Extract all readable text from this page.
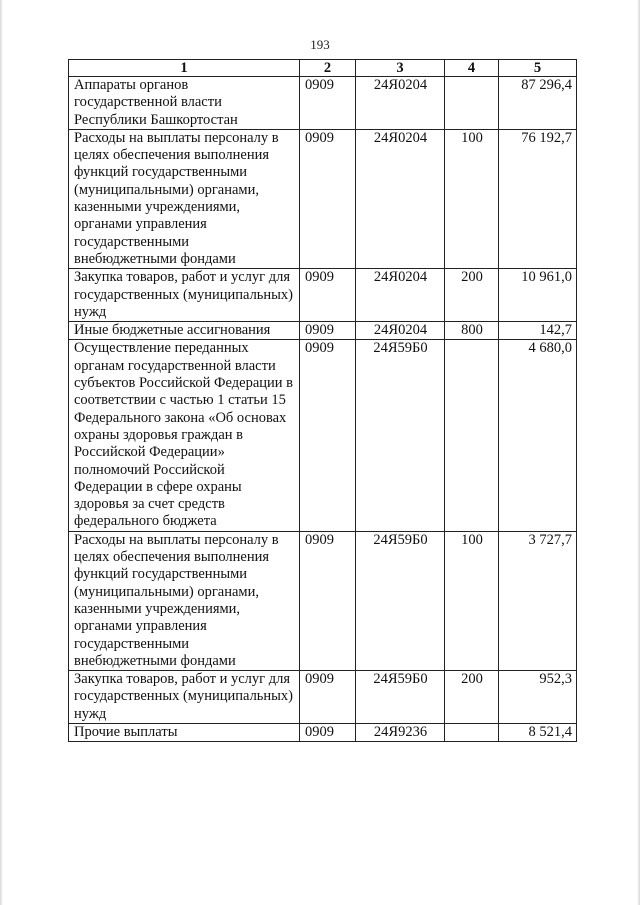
193
1	2	3	4	5
Аппараты органов государственной власти Республики Башкортостан	0909	24Я0204		87 296,4
Расходы на выплаты персоналу в целях обеспечения выполнения функций государственными (муниципальными) органами, казенными учреждениями, органами управления государственными внебюджетными фондами	0909	24Я0204	100	76 192,7
Закупка товаров, работ и услуг для государственных (муниципальных) нужд	0909	24Я0204	200	10 961,0
Иные бюджетные ассигнования	0909	24Я0204	800	142,7
Осуществление переданных органам государственной власти субъектов Российской Федерации в соответствии с частью 1 статьи 15 Федерального закона «Об основах охраны здоровья граждан в Российской Федерации» полномочий Российской Федерации в сфере охраны здоровья за счет средств федерального бюджета	0909	24Я59Б0		4 680,0
Расходы на выплаты персоналу в целях обеспечения выполнения функций государственными (муниципальными) органами, казенными учреждениями, органами управления государственными внебюджетными фондами	0909	24Я59Б0	100	3 727,7
Закупка товаров, работ и услуг для государственных (муниципальных) нужд	0909	24Я59Б0	200	952,3
Прочие выплаты	0909	24Я9236		8 521,4
